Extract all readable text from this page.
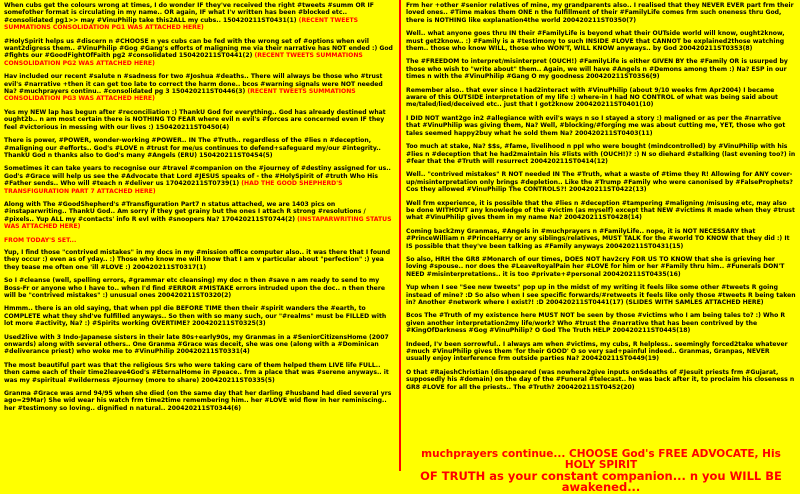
When cubs get the colours wrong at times, I do wonder IF they've received the right #tweets #summ OR IF somefother format is circulating in my name.. OR again, IF what I'v written has been #blocked etc.. #consolidated pg1>> may #VinuPhilip take this2ALL my cubs.. 150420211ST0431(1) (RECENT TWEETS SUMMATIONS CONSOLIDATION PG1 WAS ATTACHED HERE)
#HolySpirit helps us #discern n #CHOOSE n yes cubs can be fed with the wrong set of #options when evil want2digress them.. #VinuPhilip #Gog #Gang's efforts of maligning me via their narrative has NOT ended :) God #fights our #GoodFightOfFaith pg2 #consolidated 150420211ST0441(2) (RECENT TWEETS SUMMATIONS CONSOLIDATION PG2 WAS ATTACHED HERE)
Hav included our recent #salute n #sadness for two #Joshua #deaths.. There will always be those who #trust evil's #narrative +then it can get too late to correct the harm done.. bcos #warning signals were NOT needed Na? #muchprayers continu.. #consolidated pg 3 150420211ST0446(3) (RECENT TWEETS SUMMATIONS CONSOLIDATION PG3 WAS ATTACHED HERE)
Yes my NEW lap has begun after #reconciliation :) ThankU God for everything.. God has already destined what ought2b.. n am most certain there is NOTHING TO FEAR where evil n evil's #forces are concerned even IF they feel #victorious in messing with our lives :) 150420211ST0450(4)
There is power, #POWER, wonder-working #POWER.. IN The #Truth.. regardless of the #lies n #deception, #maligning our #efforts.. God's #LOVE n #trust for me/us continues to defend+safeguard my/our #integrity.. ThankU God n thanks also to God's many #Angels (ERU) 150420211ST0454(5)
Sometimes it can take years to recognise our #travel #companion on the #journey of #destiny assigned for us.. God's #Grace will help us see the #Advocate that Lord #JESUS speaks of - the #HolySpirit of #truth Who His #Father sends.. Who will #teach n #deliver us 170420211ST0739(1) (HAD THE GOOD SHEPHERD'S TRANSFIGURATION PART 7 ATTACHED HERE)
Along with The #GoodShepherd's #Transfiguration Part7 n status attached, we are 1403 pics on #instaparwriting.. ThankU God.. Am sorry if they get grainy but the ones I attach R strong #resolutions / #pixels.. Yup ALL my #contacts' info R evl with #snoopers Na? 170420211ST0744(2) (INSTAPARWRITING STATUS WAS ATTACHED HERE)
FROM TODAY'S SET...
Yup, I find those "contrived mistakes" in my docs in my #mission office computer also.. it was there that I found they occur :) even as of yday.. :) Those who know me will know that I am v particular about "perfection" :) yea they tease me often one 'ill #LOVE :) 200420211ST0317(1)
So I #cleanse (well, spelling errors, #grammar etc cleansing) my doc n then #save n am ready to send to my Boss-Fr or anyone who I have to.. when I'd find #ERROR #MISTAKE errors intruded upon the doc.. n then there will be "contrived mistakes" :) unusual ones 200420211ST0320(2)
Hmmm.. there is an old saying, that when ppl die BEFORE TIME then their #spirit wanders the #earth, to COMPLETE what they shd've fulfilled anyways.. So then with so many such, our "#realms" must be FILLED with lot more #activity, Na? :) #Spirits working OVERTIME? 200420211ST0325(3)
Used2live with 3 Indo-Japanese sisters in their late 80s+early90s, my Granmas in a #SeniorCitizensHome (2007 onwards) along with several others.. One Granma #Grace was deceit, she was one (along with a #Dominican #deliverance priest) who woke me to #VinuPhilip 200420211ST0331(4)
The most beautiful part was that the religious Srs who were taking care of them helped them LIVE life FULL.. then came each of their time2leave4God's #EternalHome in #peace.. frm a place that was #serene anyways.. it was my #spiritual #wilderness #journey (more to share) 200420211ST0335(5)
Granma #Grace was arnd 94/95 when she died (on the same day that her darling #husband had died several yrs ago=29Mar) She wid wear his watch frm time2time remembering him.. her #LOVE wid flow in her reminiscing.. her #testimony so loving.. dignified n natural.. 200420211ST0344(6)
Frm her +other #senior relatives of mine, my grandparents also.. I realised that they NEVER EVER part frm their loved ones.. #Time makes them ONE n the fulfillment of their #FamilyLife comes frm such oneness thru God, there is NOTHING like explanation4the world 200420211ST0350(7)
Well.. what anyone goes thru IN their #FamilyLife is beyond what their OUTside world will know, ought2know, must get2know.. :) #Family is a #testimony to such INSIDE #LOVE that CANNOT be explained2those watching them.. those who know WILL, those who WON'T, WILL KNOW anyways.. by God 200420211ST0353(8)
The #FREEDOM to interpret/misinterpret (OUCH!) #FamilyLife is either GIVEN BY the #Family OR is usurped by those who wish to "write about" them.. Again, we will have #Angels n #Demons among them :) Na? ESP in our times n with the #VinuPhilip #Gang O my goodness 200420211ST0356(9)
Remember also.. that ever since I had2interact with #VinuPhilip (about 9/10 weeks frm Apr2004) I became aware of this OUTSIDE interpretation of my life :) where-in I had NO CONTROL of what was being said about me/taled/lied/deceived etc.. just that I got2know 200420211ST0401(10)
I DID NOT want2go in2 #allegiance with evil's ways n so I stayed a story :) maligned or as per the #narrative that #VinuPhilip was giving them, Na? Well, #blocking/#forging me was about cutting me, YET, those who got tales seemed happy2buy what he sold them Na? 200420211ST0403(11)
Too much at stake, Na? $$s, #fame, livelihood n ppl who were bought (mindcontrolled) by #VinuPhilip with his #lies n #deception that he had2maintain his #lists with (OUCH!)? :) N so diehard #stalking (last evening too?) in #fear that the #Truth will resurrect 200420211ST0414(12)
Well.. "contrived mistakes" R NOT needed IN The #Truth, what a waste of #time they R! Allowing for ANY cover-up/misinterpretation only brings #depletion.. Like the #Trump #Family who were canonised by #FalseProphets? Cos they allowed #VinuPhilip The CONTROLS?! 200420211ST0422(13)
Well frm experience, it is possible that the #lies n #deception #tampering #maligning /misusing etc, may also be done WITHOUT any knowledge of the #victim (as myself) except that NEW #victims R made when they #trust what #VinuPhilip gives them in my name Na? 200420211ST0428(14)
Coming back2my Granmas, #Angels in #muchprayers n #FamilyLife.. nope, it is NOT NECESSARY that #PrinceWilliam n #PrinceHarry or any siblings/relatives, MUST TALK for the #world TO KNOW that they did :) It IS possible that they've been talking as #Family anyways 200420211ST0431(15)
So also, HRH the GR8 #Monarch of our times, DOES NOT hav2cry FOR US TO KNOW that she is grieving her loving #spouse.. nor does the #LeaveRoyalPain her #LOVE for him or her #Family thru him.. #Funerals DON'T NEED #misinterpretations.. it is too #private+#personal 200420211ST0435(16)
Yup when I see "See new tweets" pop up in the midst of my writing it feels like some other #tweets R going instead of mine? :D So also when I see specific forwards/#retweets it feels like only those #tweets R being taken in? Another #network where I exist?! :D 200420211ST0441(17) (SLIDES WITH SAMLES ATTACHED HERE)
Bcos The #Truth of my existence here MUST NOT be seen by those #victims who I am being tales to? :) Who R given another interpretation2my life/work? Who #trust the #narrative that has been contrived by the #KingOfDarkness #Gog #VinuPhilip? O God The Truth HELP 200420211ST0445(18)
Indeed, I'v been sorrowful.. I always am when #victims, my cubs, R helpless.. seemingly forced2take whatever #much #VinuPhilip gives them 'for their GOOD' O so very sad+painful indeed.. Granmas, Granpas, NEVER usually enjoy interference frm outside parties Na? 200420211ST0449(19)
O that #RajeshChristian (disappeared (was nowhere2give inputs onSdeaths of #Jesuit priests frm #Gujarat, supposedly his #domain) on the day of the #Funeral #telecast.. he was back after it, to proclaim his closeness n GR8 #LOVE for all the priests.. The #Truth? 200420211ST0452(20)
muchprayers continue... CHOOSE God's FREE ADVOCATE, His HOLY SPIRIT
OF TRUTH as your constant companion... n you WILL BE awakened...
